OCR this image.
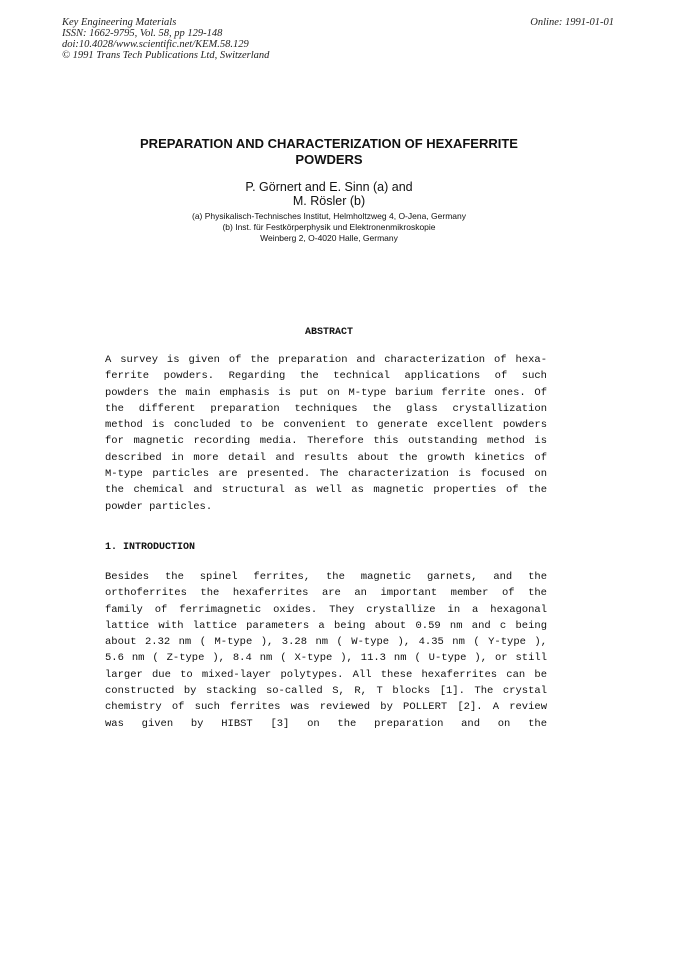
Key Engineering Materials
ISSN: 1662-9795, Vol. 58, pp 129-148
doi:10.4028/www.scientific.net/KEM.58.129
© 1991 Trans Tech Publications Ltd, Switzerland
Online: 1991-01-01
PREPARATION AND CHARACTERIZATION OF HEXAFERRITE
POWDERS
P. Görnert and E. Sinn (a) and
M. Rösler (b)
(a) Physikalisch-Technisches Institut, Helmholtzweg 4, O-Jena, Germany
(b) Inst. für Festkörperphysik und Elektronenmikroskopie
Weinberg 2, O-4020 Halle, Germany
ABSTRACT
A survey is given of the preparation and characterization of hexa-
ferrite powders. Regarding the technical applications of such
powders the main emphasis is put on M-type barium ferrite ones. Of
the different preparation techniques the glass crystallization
method is concluded to be convenient to generate excellent powders
for magnetic recording media. Therefore this outstanding method is
described in more detail and results about the growth kinetics of
M-type particles are presented. The characterization is focused on
the chemical and structural as well as magnetic properties of the
powder particles.
1. INTRODUCTION
Besides the spinel ferrites, the magnetic garnets, and the
orthoferrites the hexaferrites are an important member of the
family of ferrimagnetic oxides. They crystallize in a hexagonal
lattice with lattice parameters a being about 0.59 nm and c being
about 2.32 nm ( M-type ), 3.28 nm ( W-type ), 4.35 nm ( Y-type ),
5.6 nm ( Z-type ), 8.4 nm ( X-type ), 11.3 nm ( U-type ), or still
larger due to mixed-layer polytypes. All these hexaferrites can be
constructed by stacking so-called S, R, T blocks [1]. The crystal
chemistry of such ferrites was reviewed by POLLERT [2]. A review
was given by HIBST [3] on the preparation and on the
